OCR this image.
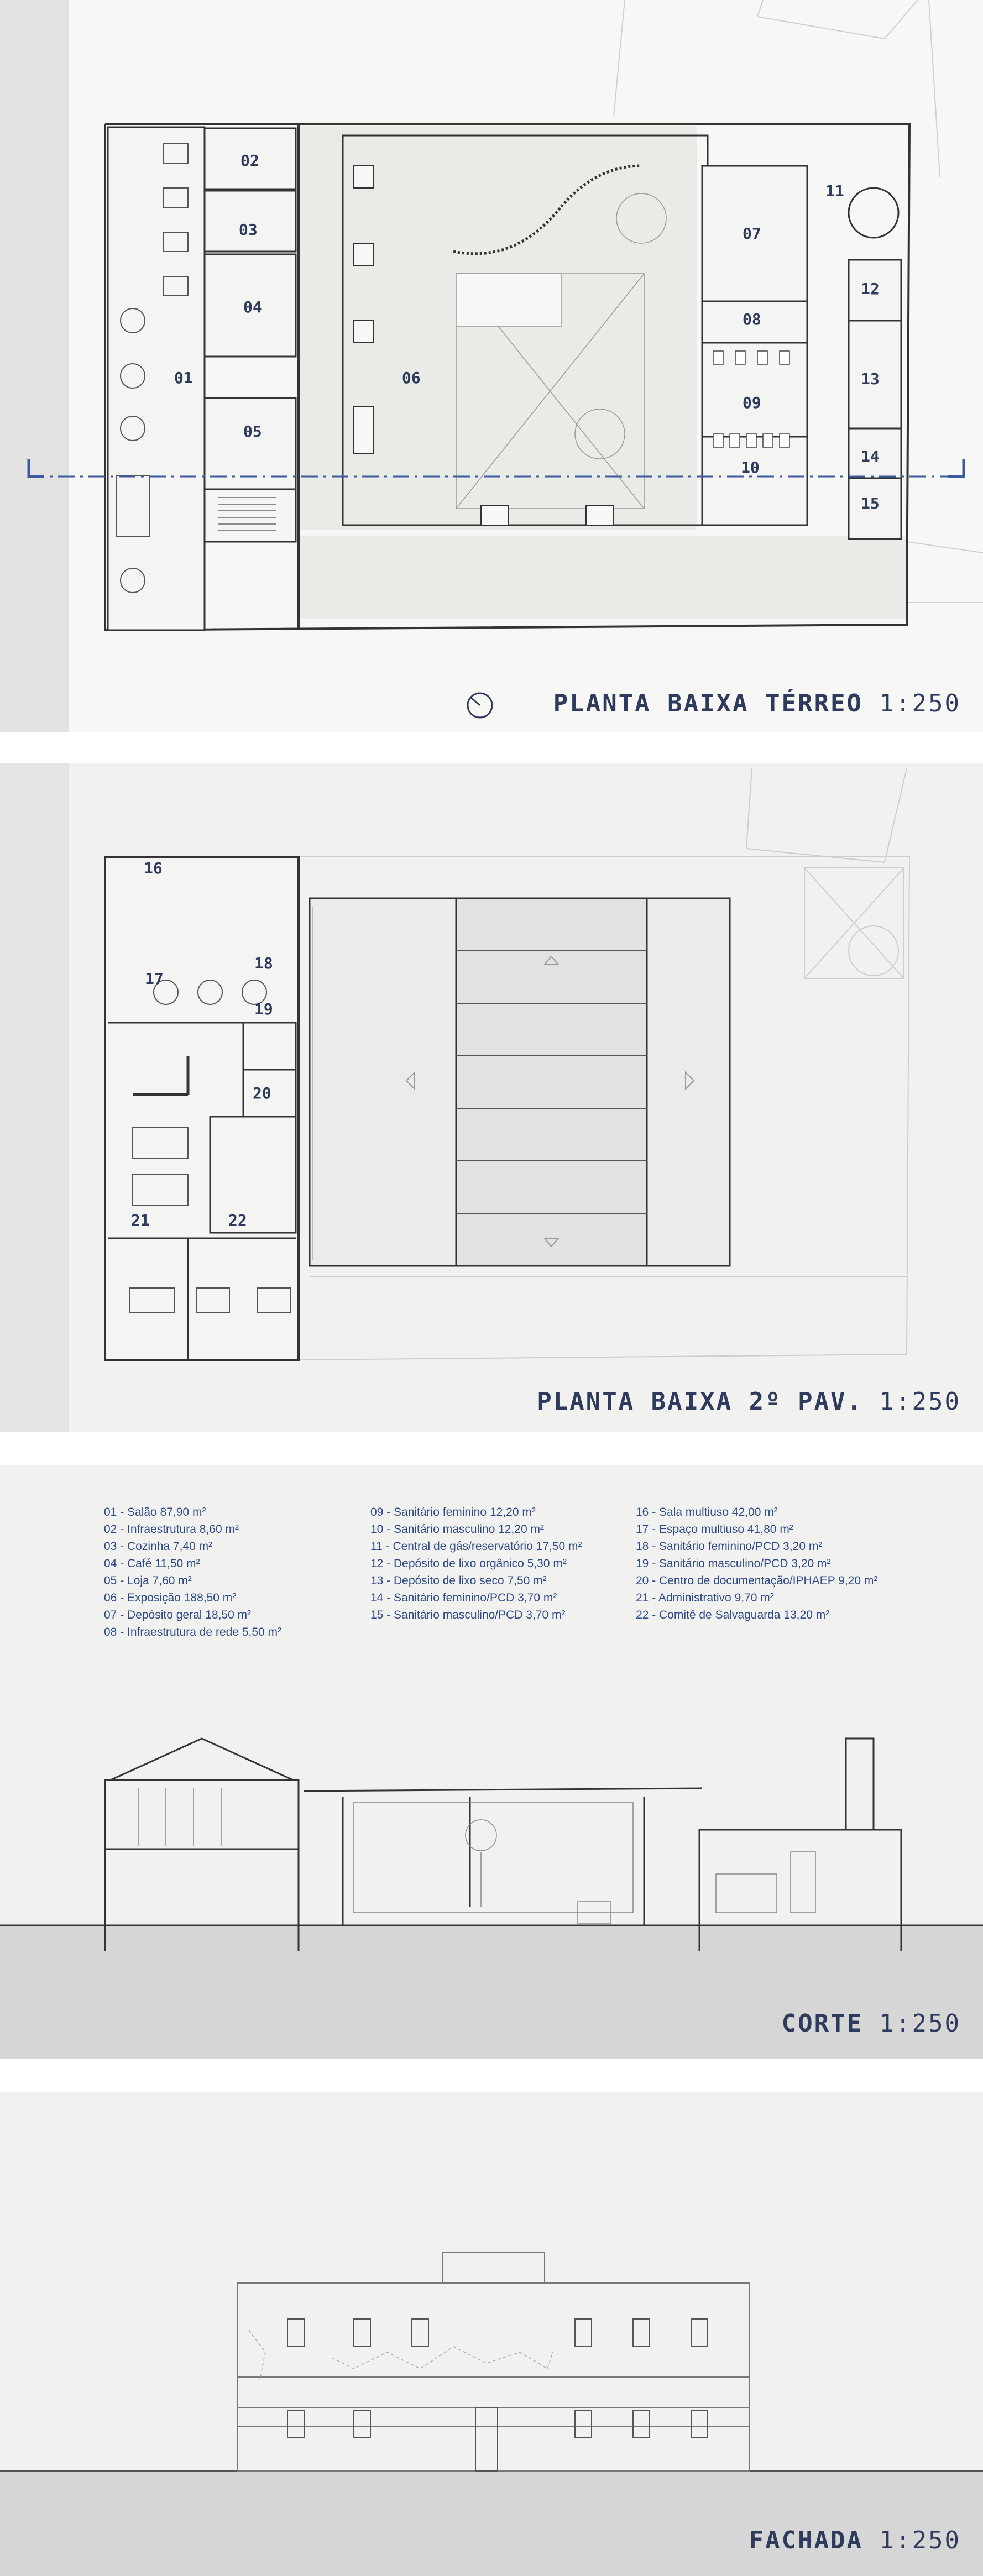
02
03
04
01
05
06
07
08
09
10
11
12
13
14
15
PLANTA BAIXA TÉRREO 1:250
16
17
18
19
20
21	22
PLANTA BAIXA 2º PAV. 1:250
01 - Salão 87,90 m²
02 - Infraestrutura 8,60 m²
03 - Cozinha 7,40 m²
04 - Café 11,50 m²
05 - Loja 7,60 m²
06 - Exposição 188,50 m²
07 - Depósito geral 18,50 m²
08 - Infraestrutura de rede 5,50 m²
09 - Sanitário feminino 12,20 m²
10 - Sanitário masculino 12,20 m²
11 - Central de gás/reservatório 17,50 m²
12 - Depósito de lixo orgânico 5,30 m²
13 - Depósito de lixo seco 7,50 m²
14 - Sanitário feminino/PCD 3,70 m²
15 - Sanitário masculino/PCD 3,70 m²
16 - Sala multiuso 42,00 m²
17 - Espaço multiuso 41,80 m²
18 - Sanitário feminino/PCD 3,20 m²
19 - Sanitário masculino/PCD 3,20 m²
20 - Centro de documentação/IPHAEP 9,20 m²
21 - Administrativo 9,70 m²
22 - Comitê de Salvaguarda 13,20 m²
CORTE 1:250
FACHADA 1:250
